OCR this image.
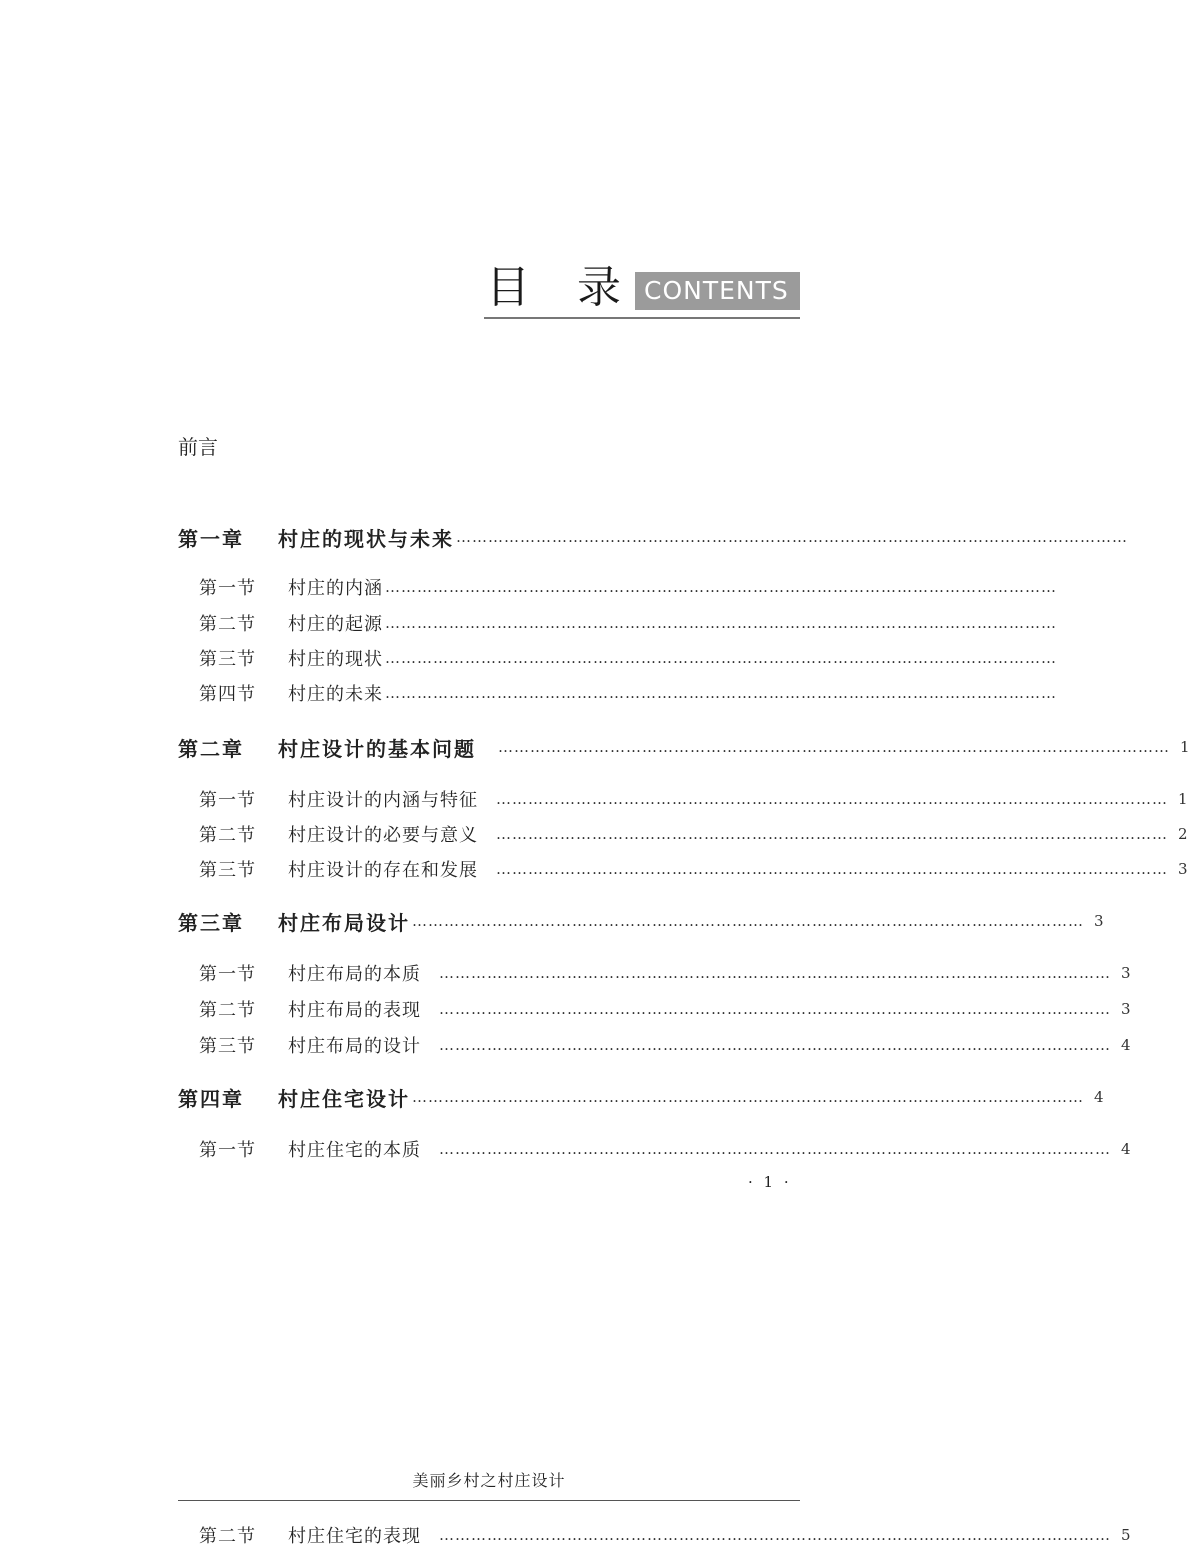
目 录 CONTENTS
前言
第一章	村庄的现状与未来 ………………………………………………………………………………………………………………
第一节	村庄的内涵 ………………………………………………………………………………………………………………
第二节	村庄的起源 ………………………………………………………………………………………………………………
第三节	村庄的现状 ………………………………………………………………………………………………………………
第四节	村庄的未来 ………………………………………………………………………………………………………………
第二章	村庄设计的基本问题 ……………………………………………………………………………………………………………… 1
第一节	村庄设计的内涵与特征 ……………………………………………………………………………………………………………… 1
第二节	村庄设计的必要与意义 ……………………………………………………………………………………………………………… 2
第三节	村庄设计的存在和发展 ……………………………………………………………………………………………………………… 3
第三章	村庄布局设计 ……………………………………………………………………………………………………………… 3
第一节	村庄布局的本质 ……………………………………………………………………………………………………………… 3
第二节	村庄布局的表现 ……………………………………………………………………………………………………………… 3
第三节	村庄布局的设计 ……………………………………………………………………………………………………………… 4
第四章	村庄住宅设计 ……………………………………………………………………………………………………………… 4
第一节	村庄住宅的本质 ……………………………………………………………………………………………………………… 4
· 1 ·
美丽乡村之村庄设计
第二节	村庄住宅的表现 ……………………………………………………………………………………………………………… 5
